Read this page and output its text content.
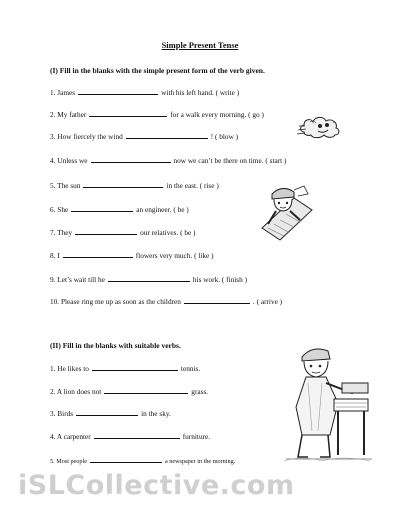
Simple Present Tense
(I) Fill in the blanks with the simple present form of the verb given.
1. James	with his left hand. ( write )
2. My father	for a walk every morning. ( go )
3. How fiercely the wind	! ( blow )
4. Unless we	now we can’t be there on time. ( start )
5. The sun	in the east. ( rise )
6. She	an engineer. ( be )
7. They	our relatives. ( be )
8. I	flowers very much. ( like )
9. Let’s wait till he	his work. ( finish )
10. Please ring me up as soon as the children	. ( arrive )
(II) Fill in the blanks with suitable verbs.
1. He likes to	tennis.
2. A lion does not	grass.
3. Birds	in the sky.
4. A carpenter	furniture.
5. Most people	a newspaper in the morning.
iSLCollective.com
